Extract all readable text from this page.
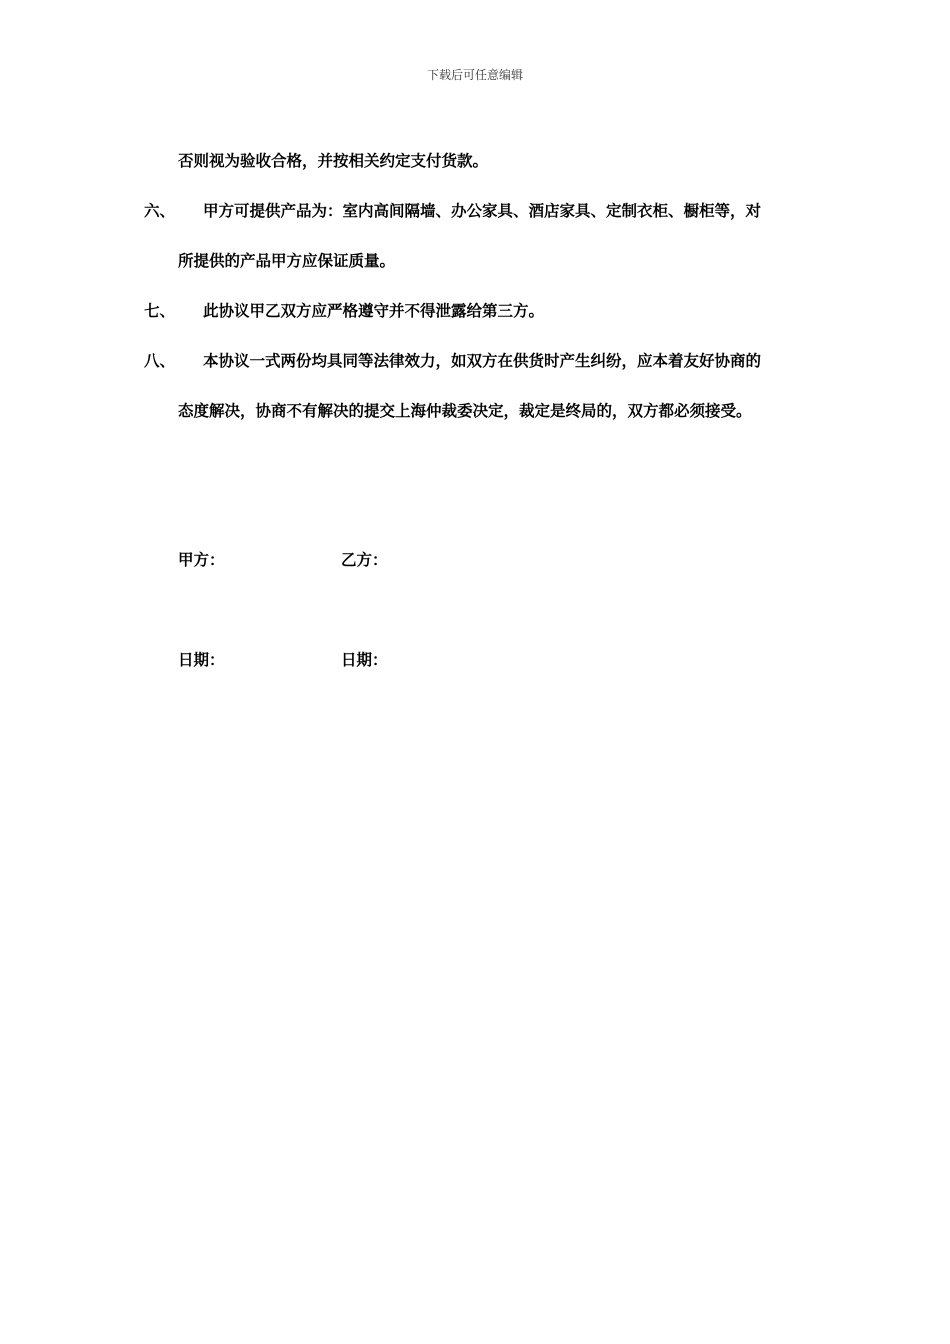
下载后可任意编辑
否则视为验收合格，并按相关约定支付货款。
六、 甲方可提供产品为：室内高间隔墙、办公家具、酒店家具、定制衣柜、橱柜等，对
所提供的产品甲方应保证质量。
七、 此协议甲乙双方应严格遵守并不得泄露给第三方。
八、 本协议一式两份均具同等法律效力，如双方在供货时产生纠纷，应本着友好协商的
态度解决，协商不有解决的提交上海仲裁委决定，裁定是终局的，双方都必须接受。
甲方：	乙方：
日期：	日期：
